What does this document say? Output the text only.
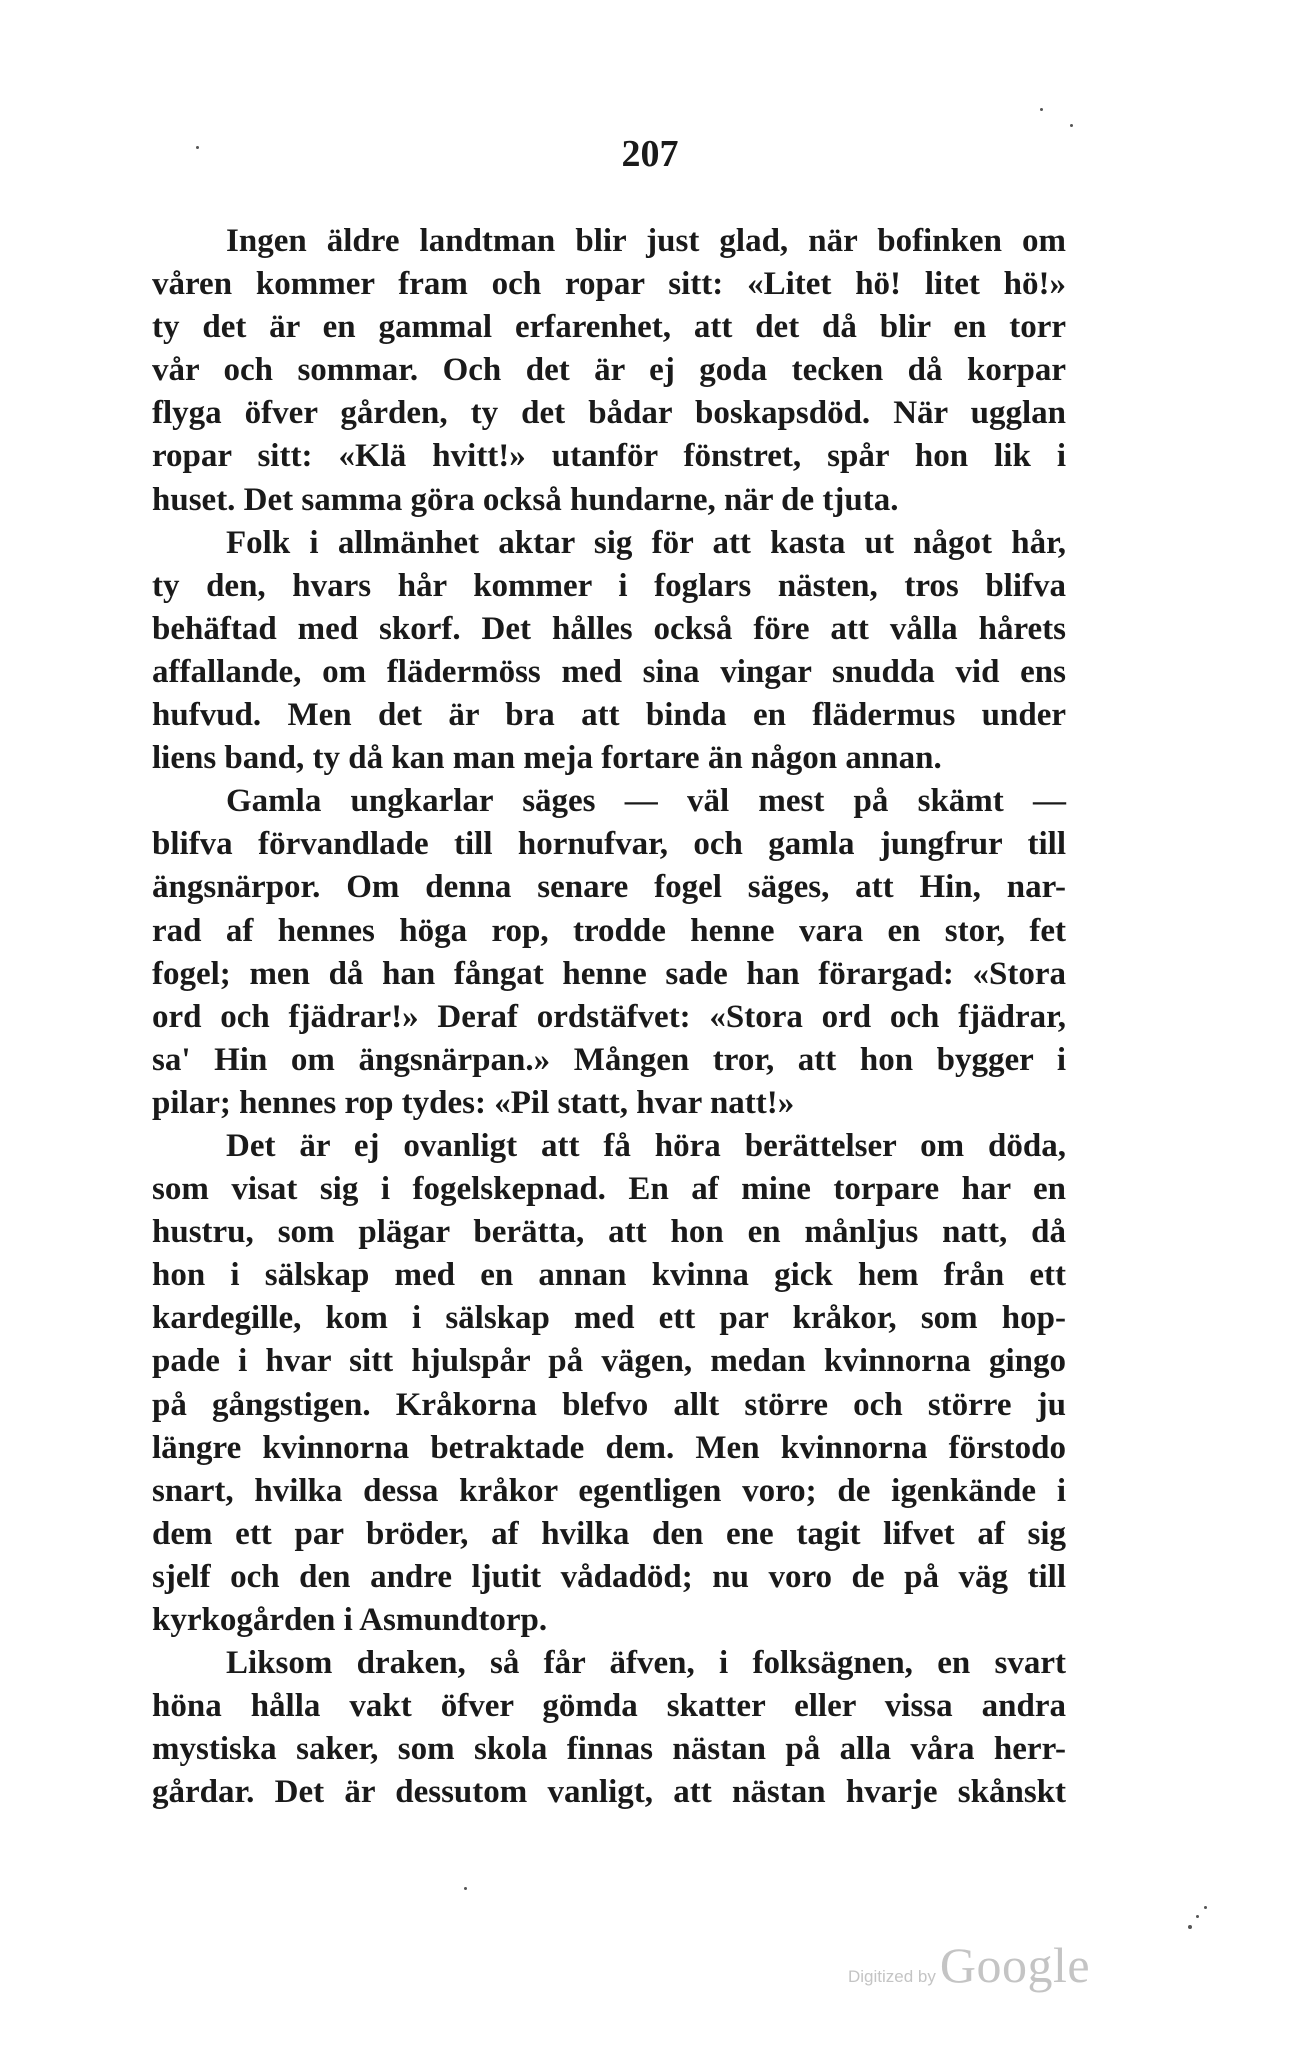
207
Ingen äldre landtman blir just glad, när bofinken om
våren kommer fram och ropar sitt: «Litet hö! litet hö!»
ty det är en gammal erfarenhet, att det då blir en torr
vår och sommar. Och det är ej goda tecken då korpar
flyga öfver gården, ty det bådar boskapsdöd. När ugglan
ropar sitt: «Klä hvitt!» utanför fönstret, spår hon lik i
huset. Det samma göra också hundarne, när de tjuta.
Folk i allmänhet aktar sig för att kasta ut något hår,
ty den, hvars hår kommer i foglars nästen, tros blifva
behäftad med skorf. Det hålles också före att vålla hårets
affallande, om flädermöss med sina vingar snudda vid ens
hufvud. Men det är bra att binda en flädermus under
liens band, ty då kan man meja fortare än någon annan.
Gamla ungkarlar säges — väl mest på skämt —
blifva förvandlade till hornufvar, och gamla jungfrur till
ängsnärpor. Om denna senare fogel säges, att Hin, nar-
rad af hennes höga rop, trodde henne vara en stor, fet
fogel; men då han fångat henne sade han förargad: «Stora
ord och fjädrar!» Deraf ordstäfvet: «Stora ord och fjädrar,
sa' Hin om ängsnärpan.» Mången tror, att hon bygger i
pilar; hennes rop tydes: «Pil statt, hvar natt!»
Det är ej ovanligt att få höra berättelser om döda,
som visat sig i fogelskepnad. En af mine torpare har en
hustru, som plägar berätta, att hon en månljus natt, då
hon i sälskap med en annan kvinna gick hem från ett
kardegille, kom i sälskap med ett par kråkor, som hop-
pade i hvar sitt hjulspår på vägen, medan kvinnorna gingo
på gångstigen. Kråkorna blefvo allt större och större ju
längre kvinnorna betraktade dem. Men kvinnorna förstodo
snart, hvilka dessa kråkor egentligen voro; de igenkände i
dem ett par bröder, af hvilka den ene tagit lifvet af sig
sjelf och den andre ljutit vådadöd; nu voro de på väg till
kyrkogården i Asmundtorp.
Liksom draken, så får äfven, i folksägnen, en svart
höna hålla vakt öfver gömda skatter eller vissa andra
mystiska saker, som skola finnas nästan på alla våra herr-
gårdar. Det är dessutom vanligt, att nästan hvarje skånskt
Digitized by Google
